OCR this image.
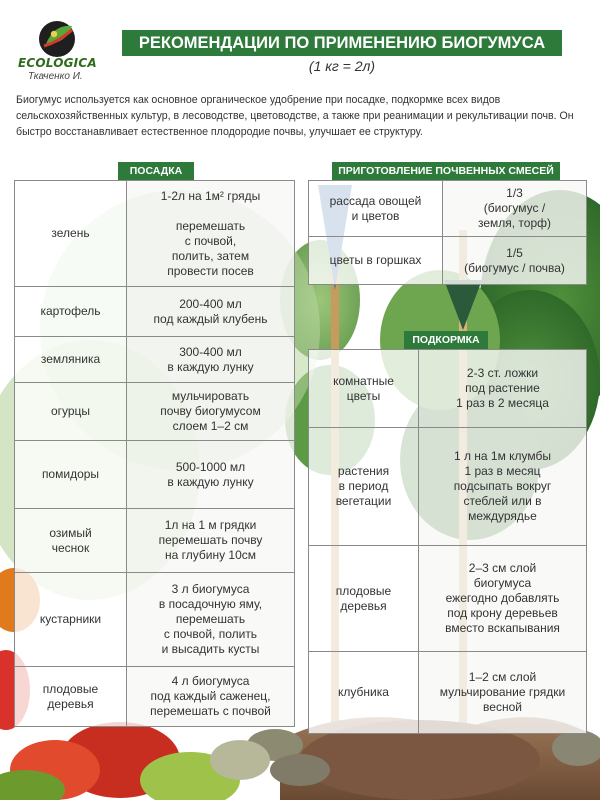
ECOLOGICA
Ткаченко И.
РЕКОМЕНДАЦИИ ПО ПРИМЕНЕНИЮ БИОГУМУСА
(1 кг = 2л)
Биогумус используется как основное органическое удобрение при посадке, подкормке всех видов сельскохозяйственных культур, в лесоводстве, цветоводстве, а также при реанимации и рекультивации почв. Он быстро восстанавливает естественное плодородие почвы, улучшает ее структуру.
ПОСАДКА
зелень	1-2л на 1м² гряды

перемешать
с почвой,
полить, затем
провести посев

картофель	200-400 мл
под каждый клубень

земляника	300-400 мл
в каждую лунку

огурцы	мульчировать
почву биогумусом
слоем 1–2 см

помидоры	500-1000 мл
в каждую лунку

озимый
чеснок	1л на 1 м грядки
перемешать почву
на глубину 10см

кустарники	3 л биогумуса
в посадочную яму,
перемешать
с почвой, полить
и высадить кусты

плодовые
деревья	4 л биогумуса
под каждый саженец,
перемешать с почвой
ПРИГОТОВЛЕНИЕ ПОЧВЕННЫХ СМЕСЕЙ
рассада овощей
и цветов	1/3
(биогумус /
земля, торф)

цветы в горшках	1/5
(биогумус / почва)
ПОДКОРМКА
комнатные
цветы	2-3 ст. ложки
под растение
1 раз в 2 месяца

растения
в период
вегетации	1 л на 1м клумбы
1 раз в месяц
подсыпать вокруг
стеблей или в
междурядье

плодовые
деревья	2–3 см слой
биогумуса
ежегодно добавлять
под крону деревьев
вместо вскапывания

клубника	1–2 см слой
мульчирование грядки
весной
